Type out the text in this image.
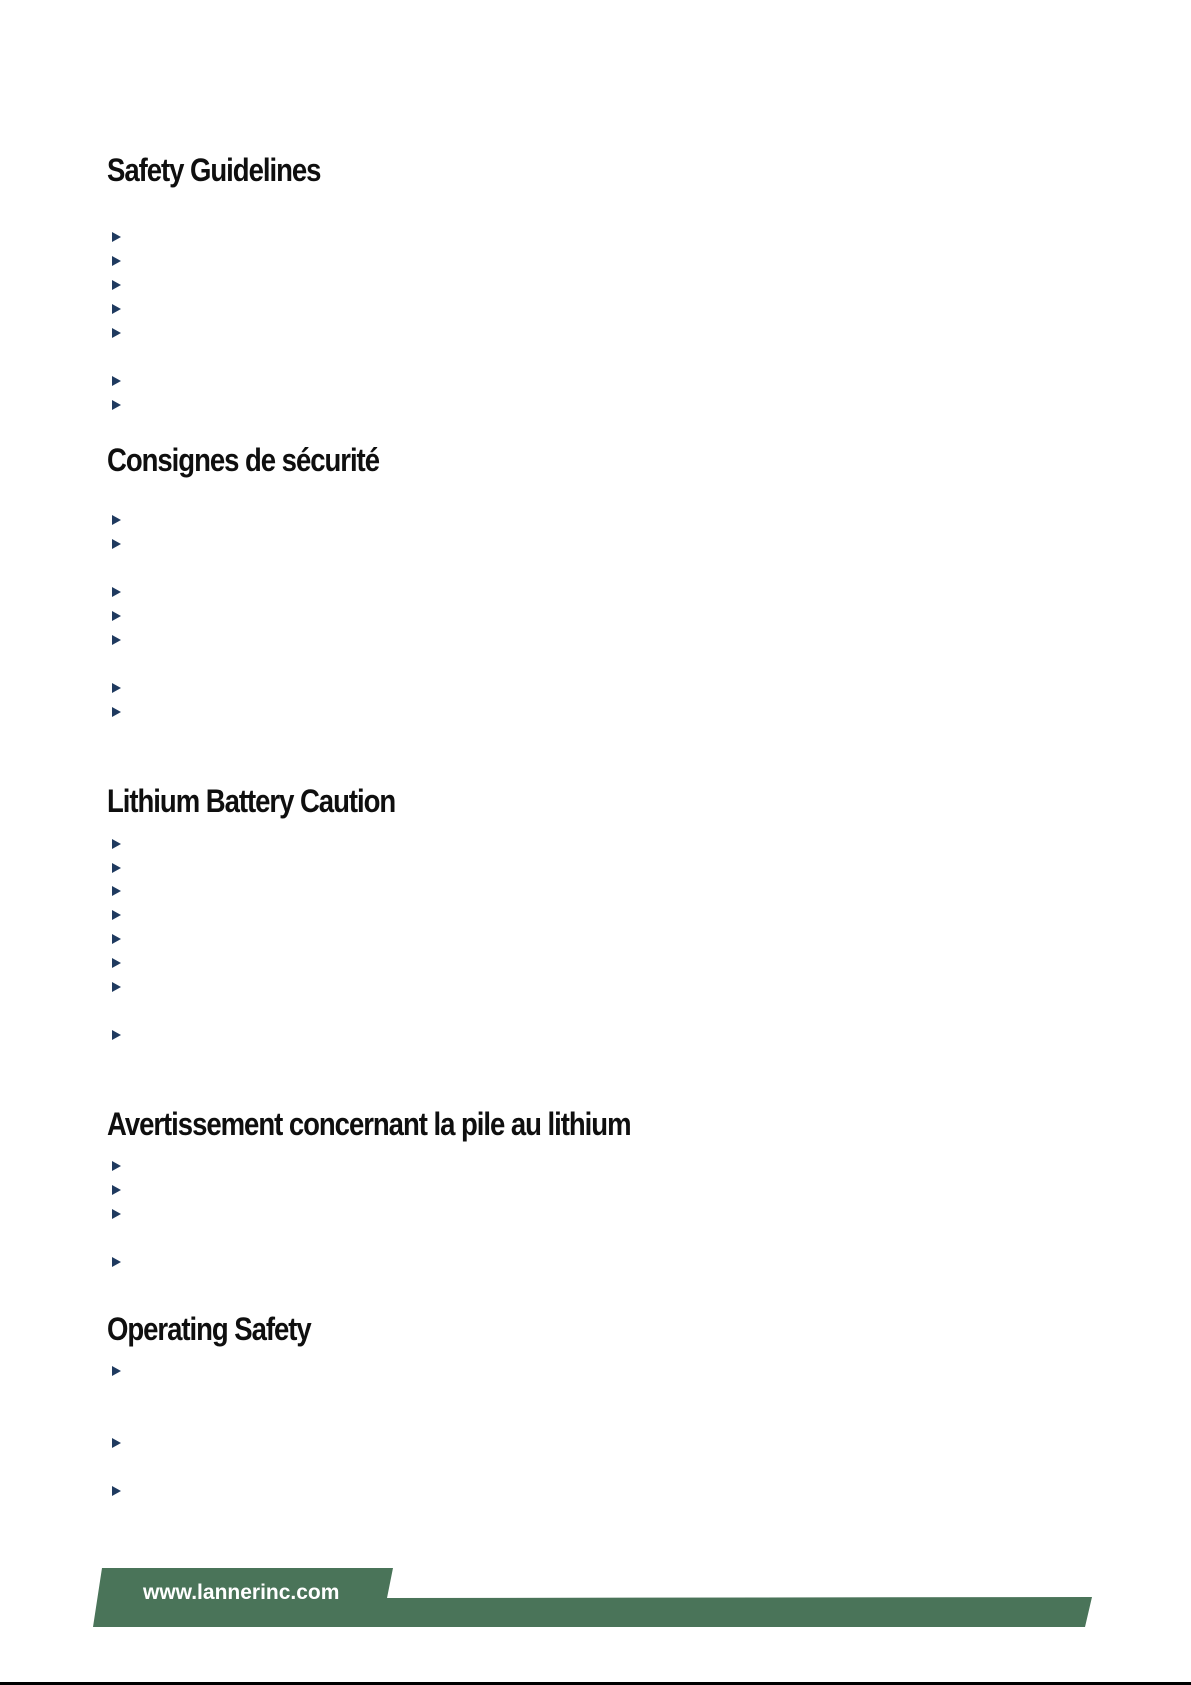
Safety Guidelines
Consignes de sécurité
Lithium Battery Caution
Avertissement concernant la pile au lithium
Operating Safety

www.lannerinc.com
